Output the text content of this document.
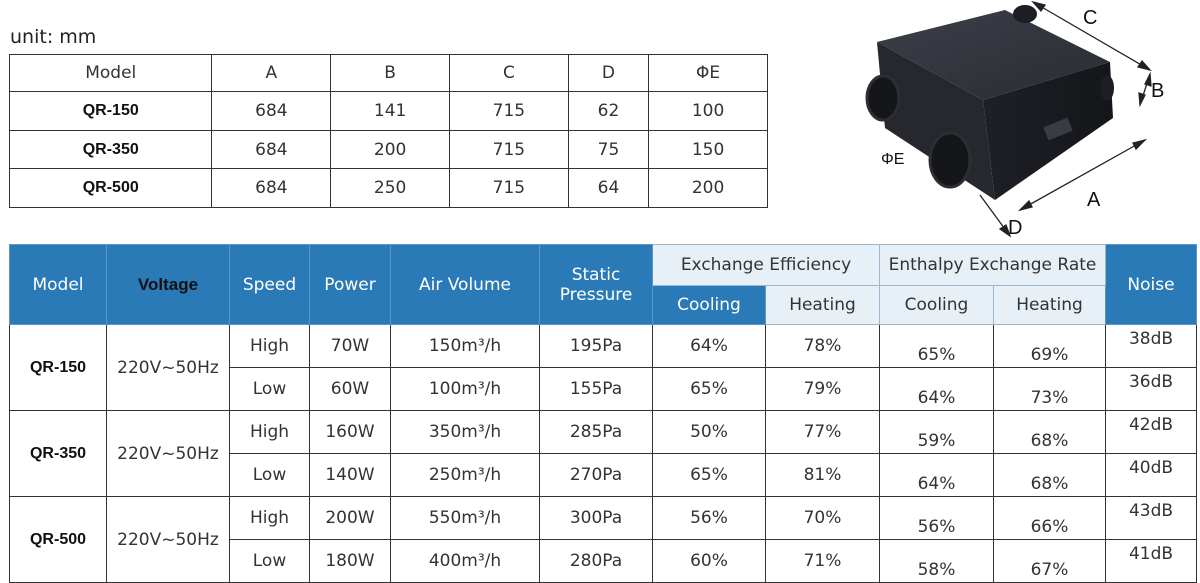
unit: mm
Model	A	B	C	D	ΦE
QR-150	684	141	715	62	100
QR-350	684	200	715	75	150
QR-500	684	250	715	64	200
C
B
A
D
ΦE
Model	Voltage	Speed	Power	Air Volume	Static Pressure	Exchange Efficiency		Enthalpy Exchange Rate		Noise
						Cooling	Heating	Cooling	Heating	
QR-150	220V~50Hz	High	70W	150m³/h	195Pa	64%	78%	65%	69%	38dB
		Low	60W	100m³/h	155Pa	65%	79%	64%	73%	36dB
QR-350	220V~50Hz	High	160W	350m³/h	285Pa	50%	77%	59%	68%	42dB
		Low	140W	250m³/h	270Pa	65%	81%	64%	68%	40dB
QR-500	220V~50Hz	High	200W	550m³/h	300Pa	56%	70%	56%	66%	43dB
		Low	180W	400m³/h	280Pa	60%	71%	58%	67%	41dB
